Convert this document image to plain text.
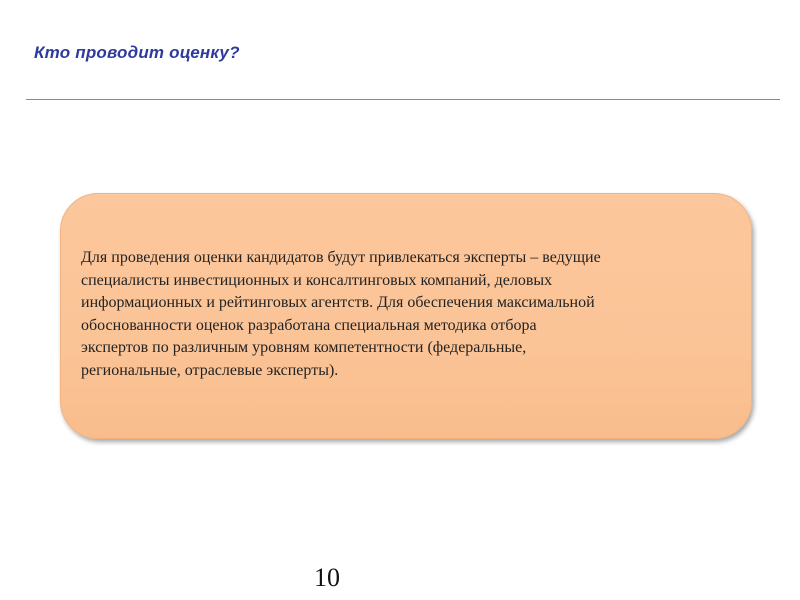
Кто проводит оценку?

Для проведения оценки кандидатов будут привлекаться эксперты – ведущие
специалисты инвестиционных и консалтинговых компаний, деловых
информационных и рейтинговых агентств. Для обеспечения максимальной
обоснованности оценок разработана специальная методика отбора
экспертов по различным уровням компетентности (федеральные,
региональные, отраслевые эксперты).

10
